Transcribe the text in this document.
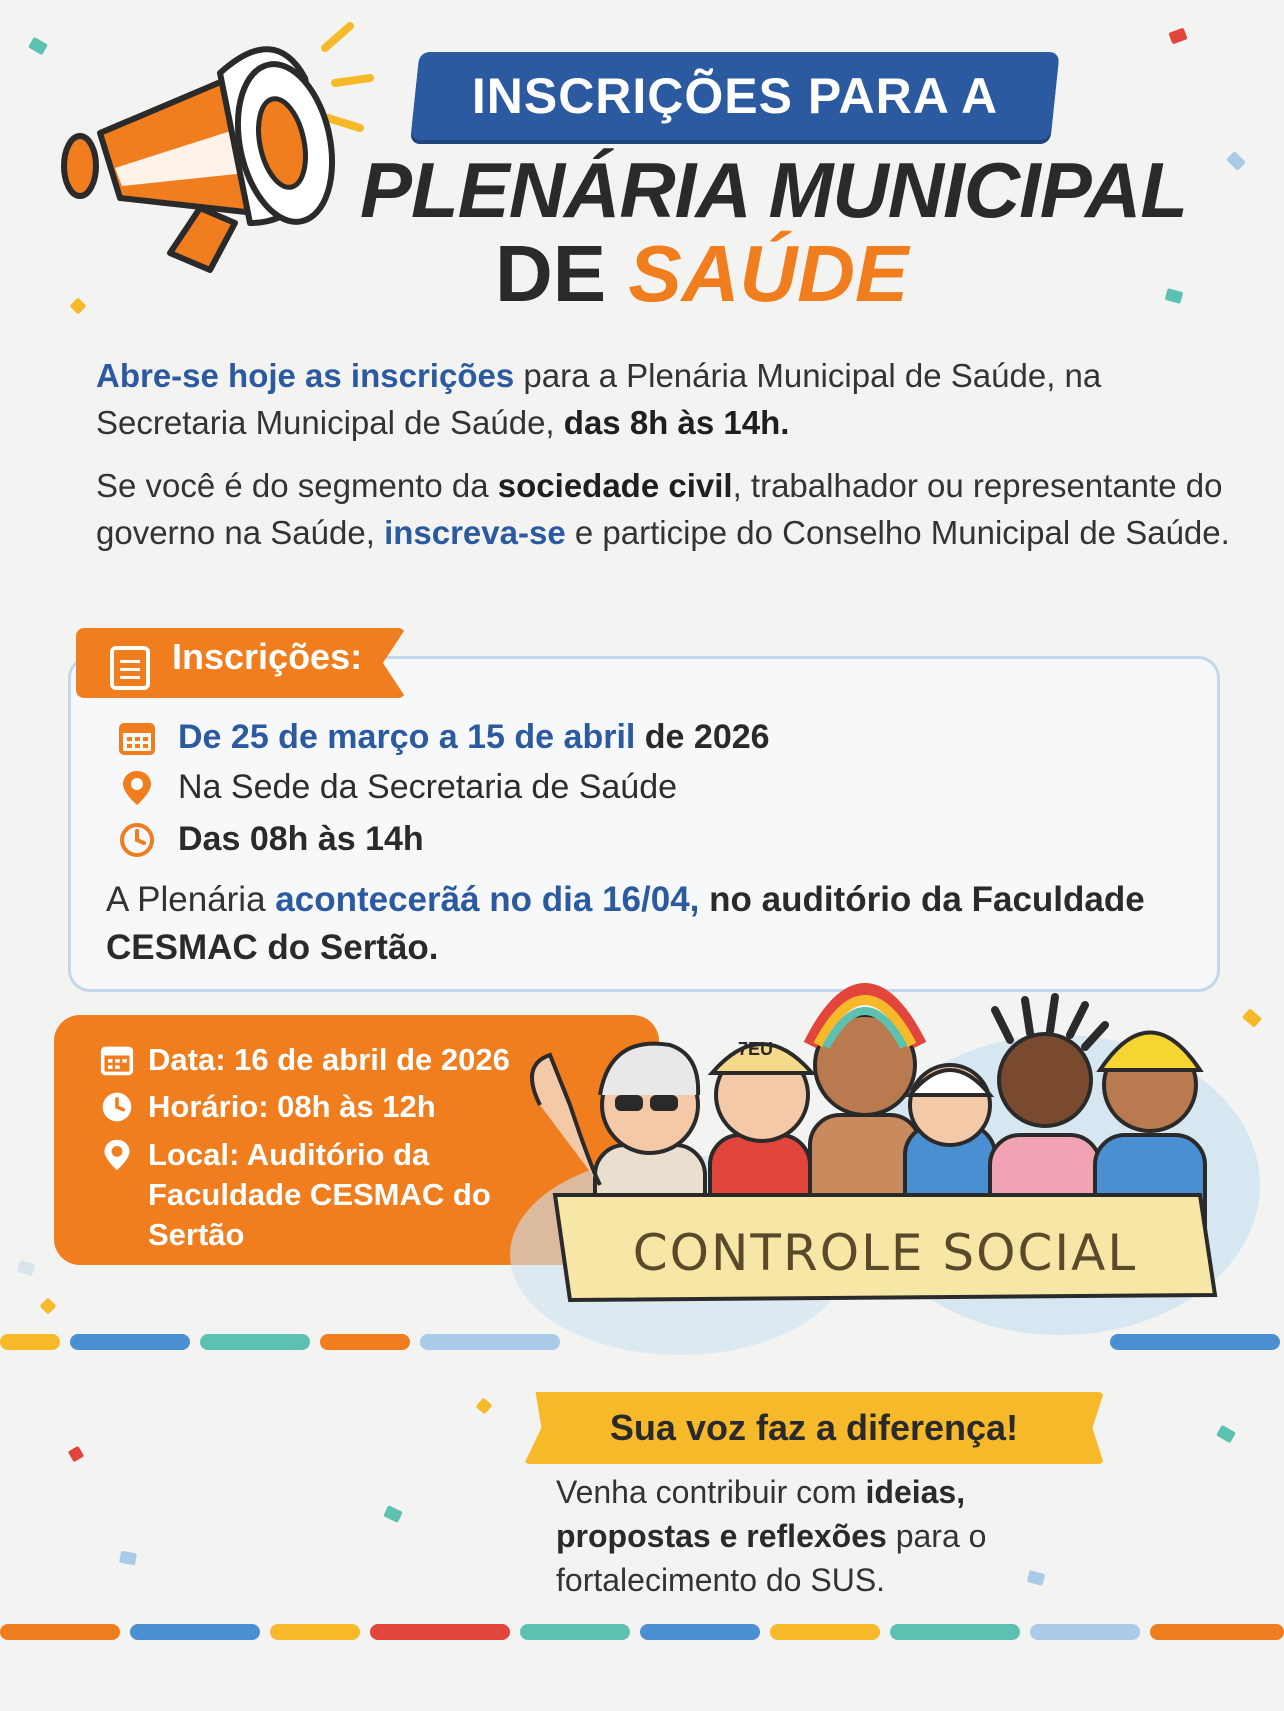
INSCRIÇÕES PARA A
PLENÁRIA MUNICIPAL
DE SAÚDE
Abre-se hoje as inscrições para a Plenária Municipal de Saúde, na Secretaria Municipal de Saúde, das 8h às 14h.
Se você é do segmento da sociedade civil, trabalhador ou representante do governo na Saúde, inscreva-se e participe do Conselho Municipal de Saúde.
Inscrições:
De 25 de março a 15 de abril de 2026
Na Sede da Secretaria de Saúde
Das 08h às 14h
A Plenária acontecerãá no dia 16/04, no auditório da Faculdade CESMAC do Sertão.
Data: 16 de abril de 2026
Horário: 08h às 12h
Local: Auditório da Faculdade CESMAC do Sertão
7EU
CONTROLE SOCIAL
Sua voz faz a diferença!
Venha contribuir com ideias, propostas e reflexões para o fortalecimento do SUS.
